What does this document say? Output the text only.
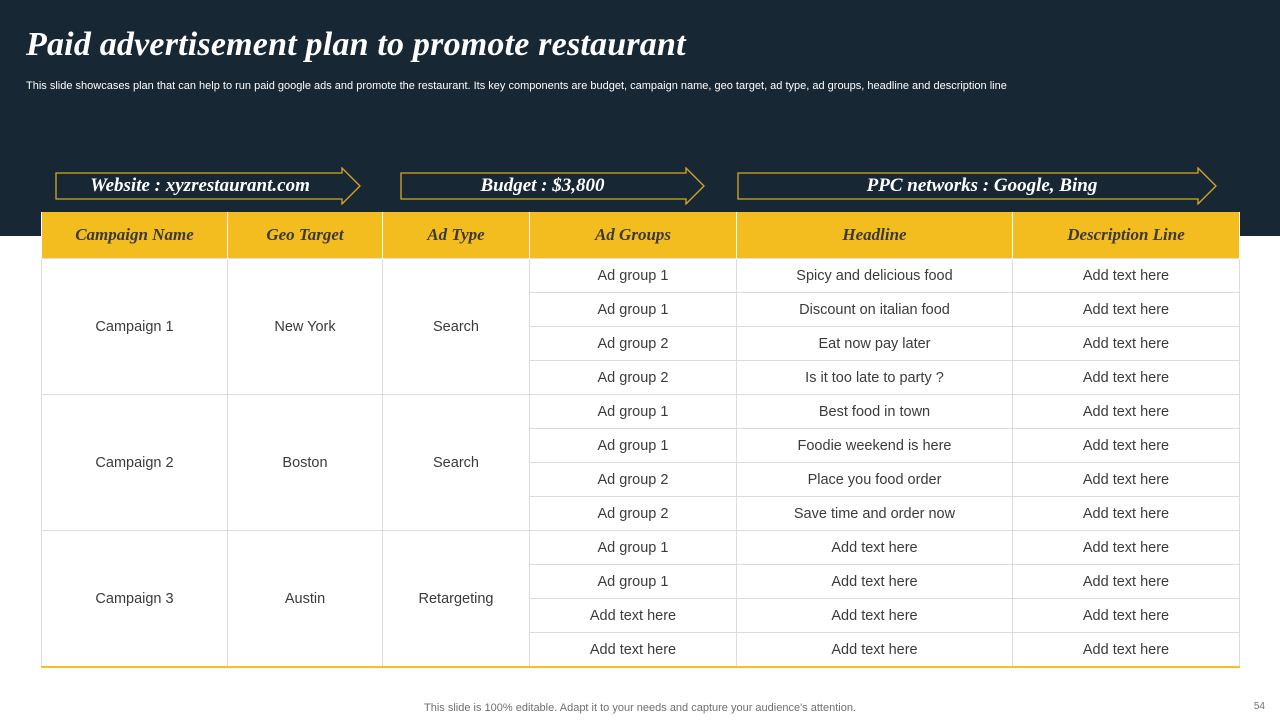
Paid advertisement plan to promote restaurant

This slide showcases plan that can help to run paid google ads and promote the restaurant. Its key components are budget, campaign name, geo target, ad type, ad groups, headline and description line

Website : xyzrestaurant.com	Budget : $3,800	PPC networks : Google, Bing
Campaign Name	Geo Target	Ad Type	Ad Groups	Headline	Description Line
Campaign 1	New York	Search	Ad group 1	Spicy and delicious food	Add text here
			Ad group 1	Discount on italian food	Add text here
			Ad group 2	Eat now pay later	Add text here
			Ad group 2	Is it too late to party ?	Add text here
Campaign 2	Boston	Search	Ad group 1	Best food in town	Add text here
			Ad group 1	Foodie weekend is here	Add text here
			Ad group 2	Place you food order	Add text here
			Ad group 2	Save time and order now	Add text here
Campaign 3	Austin	Retargeting	Ad group 1	Add text here	Add text here
			Ad group 1	Add text here	Add text here
			Add text here	Add text here	Add text here
			Add text here	Add text here	Add text here

This slide is 100% editable. Adapt it to your needs and capture your audience's attention.	54
